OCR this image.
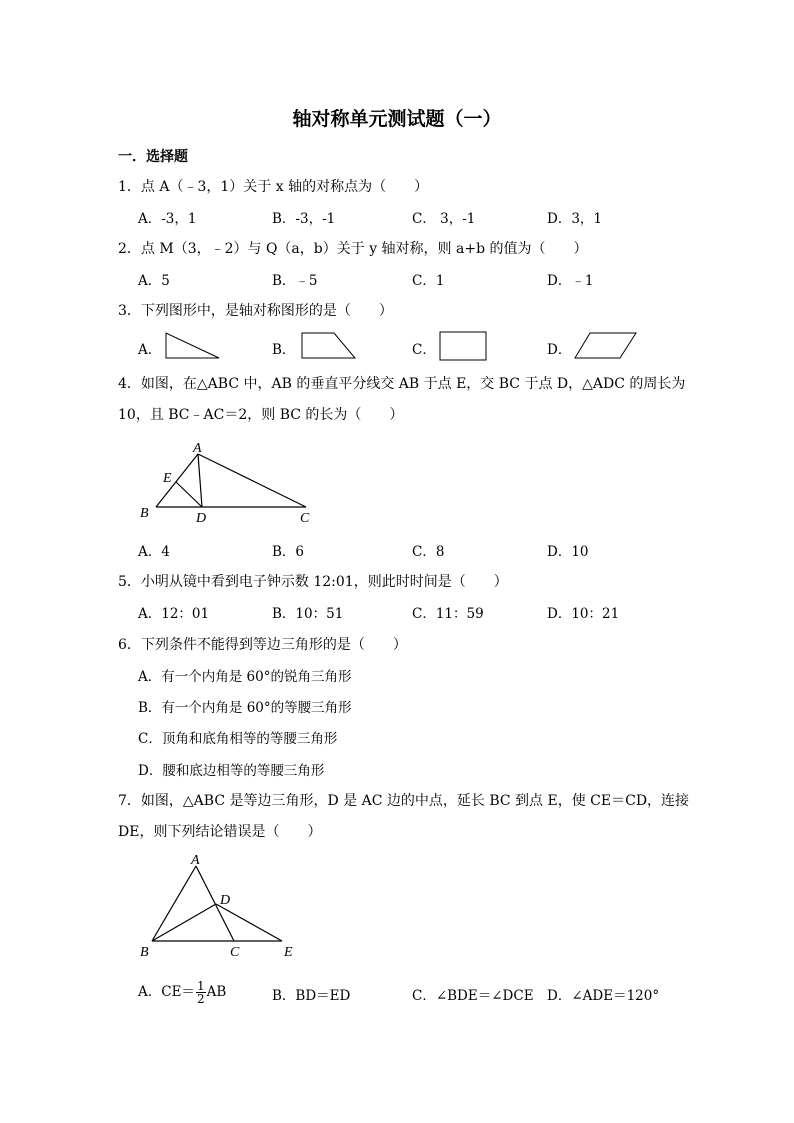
轴对称单元测试题（一）
一．选择题
1．点 A（﹣3，1）关于 x 轴的对称点为（　　）
A．-3，1	B．-3，-1	C． 3，-1	D．3，1
2．点 M（3，﹣2）与 Q（a，b）关于 y 轴对称，则 a+b 的值为（　　）
A．5	B．﹣5	C．1	D．﹣1
3．下列图形中，是轴对称图形的是（　　）
A．	B．	C．	D．
4．如图，在△ABC 中，AB 的垂直平分线交 AB 于点 E，交 BC 于点 D，△ADC 的周长为
10，且 BC﹣AC＝2，则 BC 的长为（　　）
A
B	C
D
E
A．4	B．6	C．8	D．10
5．小明从镜中看到电子钟示数 12:01，则此时时间是（　　）
A．12：01	B．10：51	C．11：59	D．10：21
6．下列条件不能得到等边三角形的是（　　）
A．有一个内角是 60°的锐角三角形
B．有一个内角是 60°的等腰三角形
C．顶角和底角相等的等腰三角形
D．腰和底边相等的等腰三角形
7．如图，△ABC 是等边三角形，D 是 AC 边的中点，延长 BC 到点 E，使 CE＝CD，连接
DE，则下列结论错误是（　　）
A
B	C
D
E
A．$CE= \frac{1}{2}$ AB	B．BD＝ED	C．∠BDE＝∠DCE D．∠ADE＝120°
